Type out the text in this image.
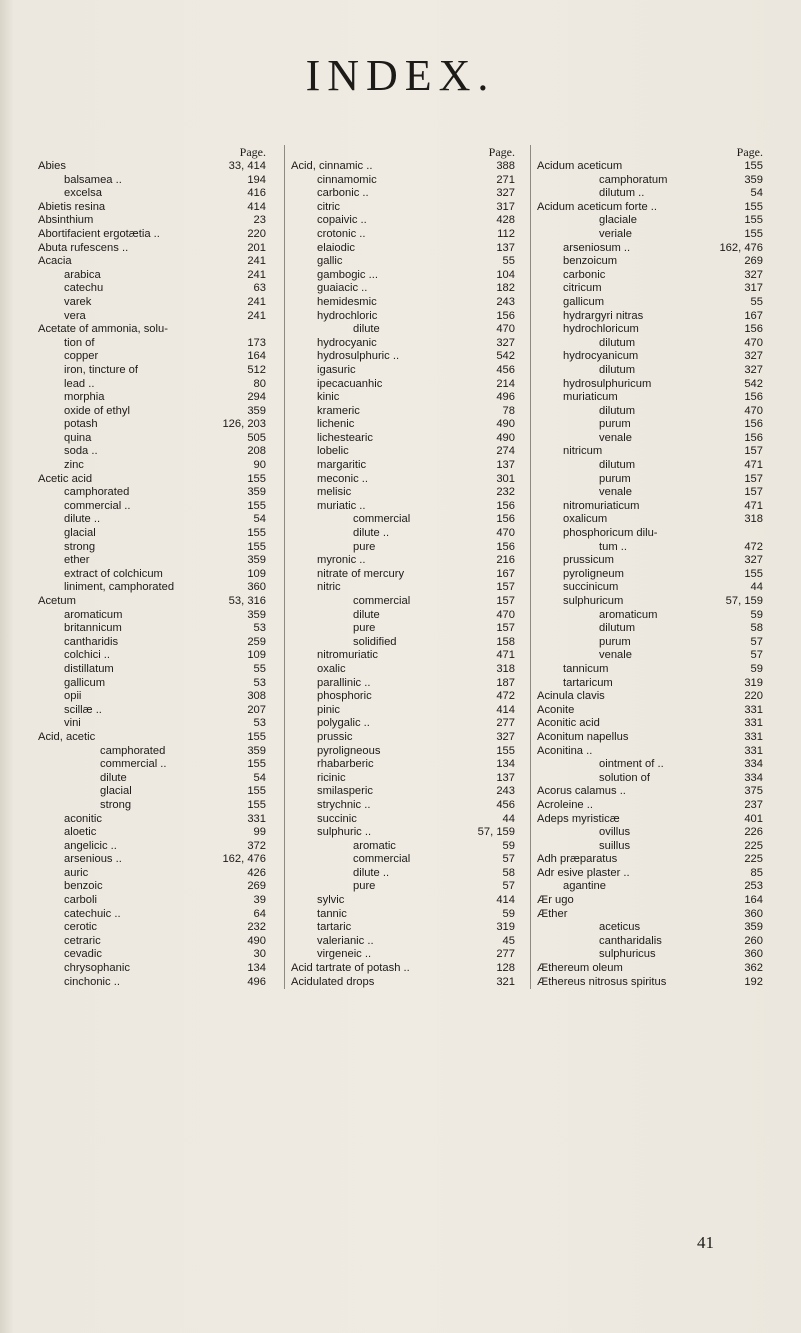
INDEX.
Page.
Abies	33, 414
balsamea ..	194
excelsa	416
Abietis resina	414
Absinthium	23
Abortifacient ergotætia ..	220
Abuta rufescens ..	201
Acacia	241
arabica	241
catechu	63
varek	241
vera	241
Acetate of ammonia, solu-
tion of	173
copper	164
iron, tincture of	512
lead ..	80
morphia	294
oxide of ethyl	359
potash	126, 203
quina	505
soda ..	208
zinc	90
Acetic acid	155
camphorated	359
commercial ..	155
dilute ..	54
glacial	155
strong	155
ether	359
extract of colchicum	109
liniment, camphorated	360
Acetum	53, 316
aromaticum	359
britannicum	53
cantharidis	259
colchici ..	109
distillatum	55
gallicum	53
opii	308
scillæ ..	207
vini	53
Acid, acetic	155
camphorated	359
commercial ..	155
dilute	54
glacial	155
strong	155
aconitic	331
aloetic	99
angelicic ..	372
arsenious ..	162, 476
auric	426
benzoic	269
carboli	39
catechuic ..	64
cerotic	232
cetraric	490
cevadic	30
chrysophanic	134
cinchonic ..	496
Page.
Acid, cinnamic ..	388
cinnamomic	271
carbonic ..	327
citric	317
copaivic ..	428
crotonic ..	112
elaiodic	137
gallic	55
gambogic ...	104
guaiacic ..	182
hemidesmic	243
hydrochloric	156
dilute	470
hydrocyanic	327
hydrosulphuric ..	542
igasuric	456
ipecacuanhic	214
kinic	496
krameric	78
lichenic	490
lichestearic	490
lobelic	274
margaritic	137
meconic ..	301
melisic	232
muriatic ..	156
commercial	156
dilute ..	470
pure	156
myronic ..	216
nitrate of mercury	167
nitric	157
commercial	157
dilute	470
pure	157
solidified	158
nitromuriatic	471
oxalic	318
parallinic ..	187
phosphoric	472
pinic	414
polygalic ..	277
prussic	327
pyroligneous	155
rhabarberic	134
ricinic	137
smilasperic	243
strychnic ..	456
succinic	44
sulphuric ..	57, 159
aromatic	59
commercial	57
dilute ..	58
pure	57
sylvic	414
tannic	59
tartaric	319
valerianic ..	45
virgeneic ..	277
Acid tartrate of potash ..	128
Acidulated drops	321
Page.
Acidum aceticum	155
camphoratum	359
dilutum ..	54
Acidum aceticum forte ..	155
glaciale	155
veriale	155
arseniosum ..	162, 476
benzoicum	269
carbonic	327
citricum	317
gallicum	55
hydrargyri nitras	167
hydrochloricum	156
dilutum	470
hydrocyanicum	327
dilutum	327
hydrosulphuricum	542
muriaticum	156
dilutum	470
purum	156
venale	156
nitricum	157
dilutum	471
purum	157
venale	157
nitromuriaticum	471
oxalicum	318
phosphoricum dilu-
tum ..	472
prussicum	327
pyroligneum	155
succinicum	44
sulphuricum	57, 159
aromaticum	59
dilutum	58
purum	57
venale	57
tannicum	59
tartaricum	319
Acinula clavis	220
Aconite	331
Aconitic acid	331
Aconitum napellus	331
Aconitina ..	331
ointment of ..	334
solution of	334
Acorus calamus ..	375
Acroleine ..	237
Adeps myristicæ	401
ovillus	226
suillus	225
Adh præparatus	225
Adr esive plaster ..	85
agantine	253
Ær ugo	164
Æther	360
aceticus	359
cantharidalis	260
sulphuricus	360
Æthereum oleum	362
Æthereus nitrosus spiritus	192
41
